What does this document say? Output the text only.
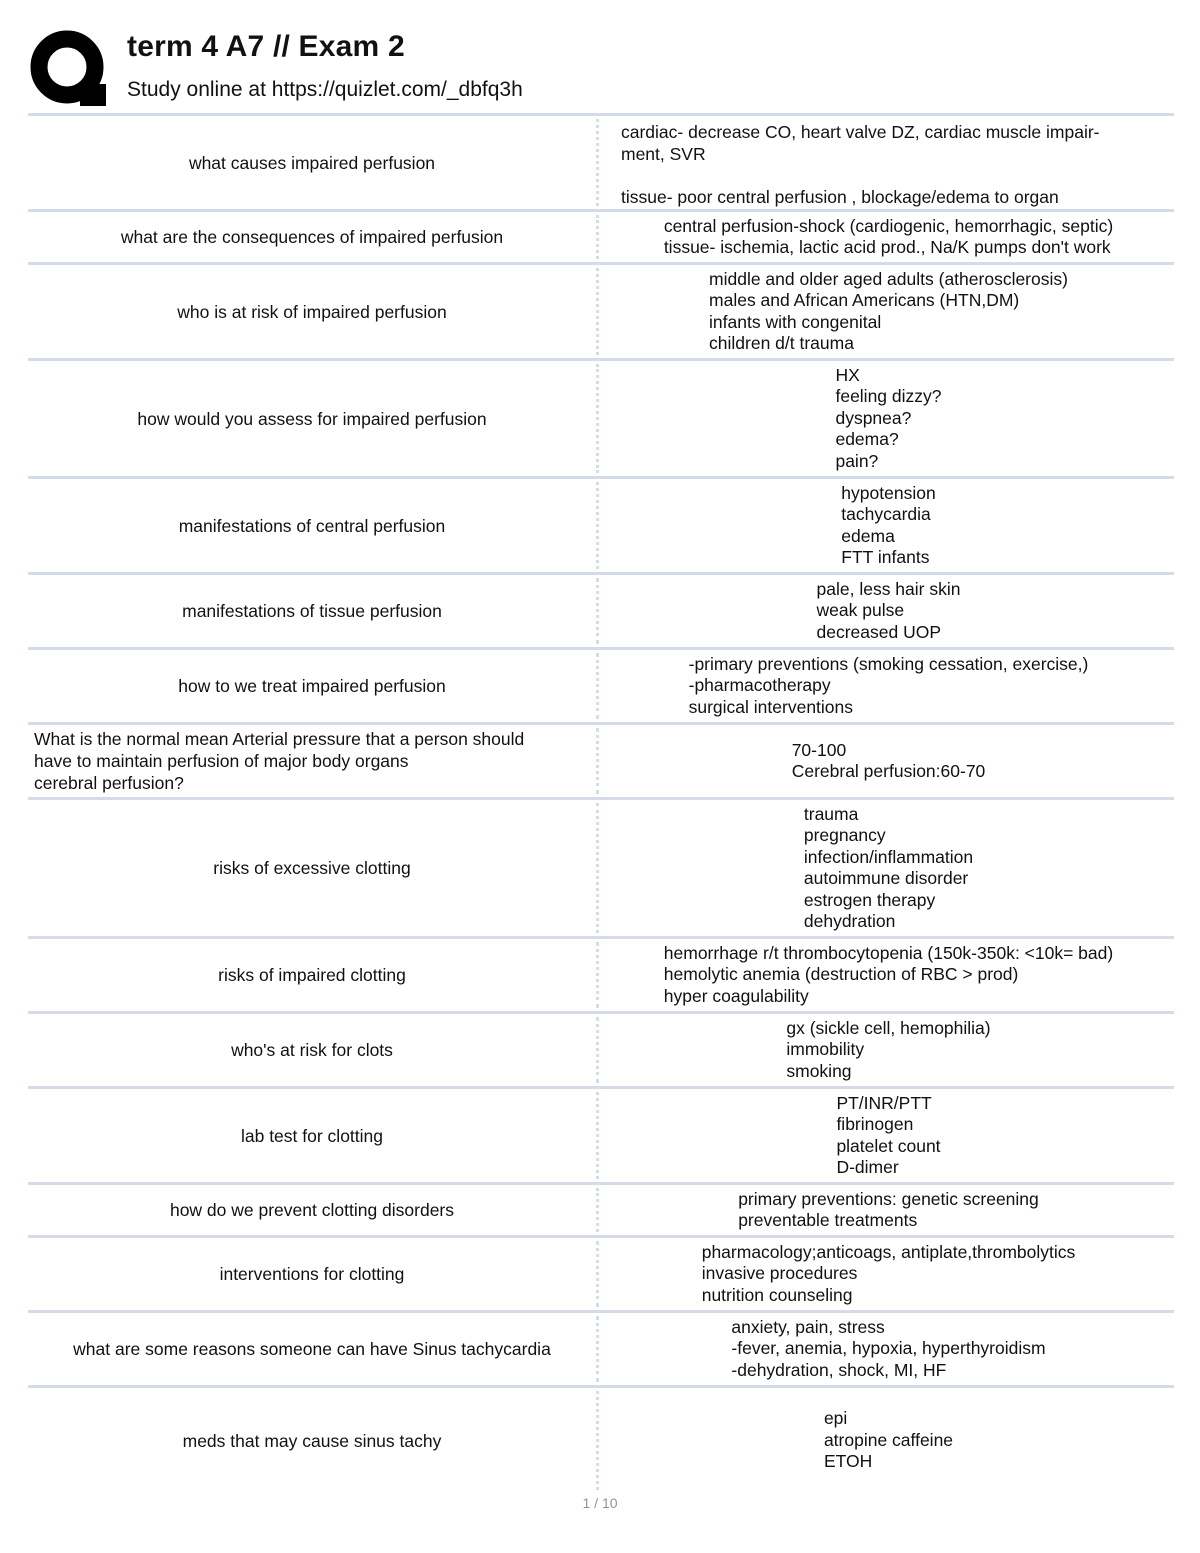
term 4 A7 // Exam 2
Study online at https://quizlet.com/_dbfq3h
what causes impaired perfusion
cardiac- decrease CO, heart valve DZ, cardiac muscle impair-
ment, SVR

tissue- poor central perfusion , blockage/edema to organ
what are the consequences of impaired perfusion
central perfusion-shock (cardiogenic, hemorrhagic, septic)
tissue- ischemia, lactic acid prod., Na/K pumps don't work
who is at risk of impaired perfusion
middle and older aged adults (atherosclerosis)
males and African Americans (HTN,DM)
infants with congenital
children d/t trauma
how would you assess for impaired perfusion
HX
feeling dizzy?
dyspnea?
edema?
pain?
manifestations of central perfusion
hypotension
tachycardia
edema
FTT infants
manifestations of tissue perfusion
pale, less hair skin
weak pulse
decreased UOP
how to we treat impaired perfusion
-primary preventions (smoking cessation, exercise,)
-pharmacotherapy
surgical interventions
What is the normal mean Arterial pressure that a person should
have to maintain perfusion of major body organs
cerebral perfusion?
70-100
Cerebral perfusion:60-70
risks of excessive clotting
trauma
pregnancy
infection/inflammation
autoimmune disorder
estrogen therapy
dehydration
risks of impaired clotting
hemorrhage r/t thrombocytopenia (150k-350k: <10k= bad)
hemolytic anemia (destruction of RBC > prod)
hyper coagulability
who's at risk for clots
gx (sickle cell, hemophilia)
immobility
smoking
lab test for clotting
PT/INR/PTT
fibrinogen
platelet count
D-dimer
how do we prevent clotting disorders
primary preventions: genetic screening
preventable treatments
interventions for clotting
pharmacology;anticoags, antiplate,thrombolytics
invasive procedures
nutrition counseling
what are some reasons someone can have Sinus tachycardia
anxiety, pain, stress
-fever, anemia, hypoxia, hyperthyroidism
-dehydration, shock, MI, HF
meds that may cause sinus tachy
epi
atropine caffeine
ETOH
1 / 10
